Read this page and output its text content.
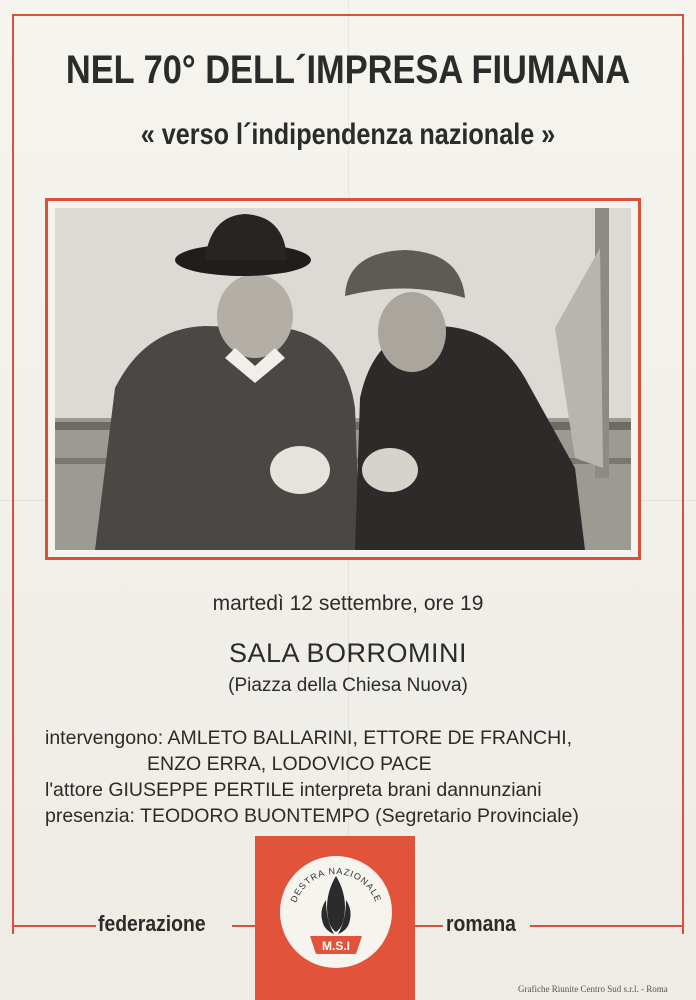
NEL 70° DELL´IMPRESA FIUMANA
« verso l´indipendenza nazionale »
martedì 12 settembre, ore 19
SALA BORROMINI
(Piazza della Chiesa Nuova)
intervengono: AMLETO BALLARINI, ETTORE DE FRANCHI,
ENZO ERRA, LODOVICO PACE
l'attore GIUSEPPE PERTILE interpreta brani dannunziani
presenzia: TEODORO BUONTEMPO (Segretario Provinciale)
DESTRA NAZIONALE
M.S.I
federazione	romana
Grafiche Riunite Centro Sud s.r.l. - Roma
